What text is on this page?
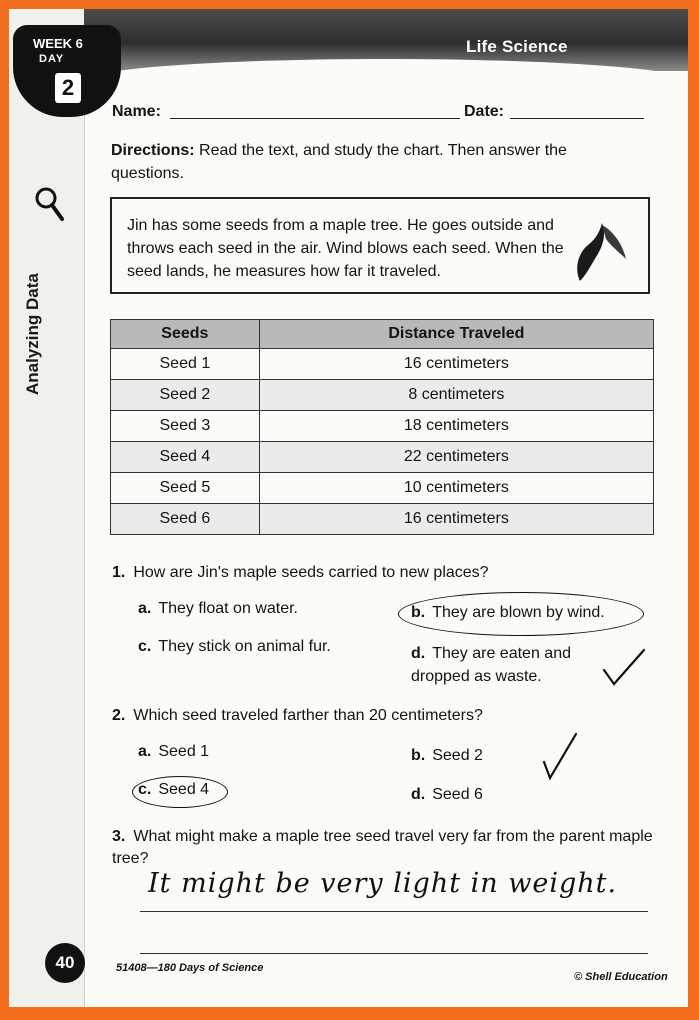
Life Science
WEEK 6
DAY
2
Analyzing Data
Name:	Date:
Directions: Read the text, and study the chart. Then answer the questions.
Jin has some seeds from a maple tree. He goes outside and throws each seed in the air. Wind blows each seed. When the seed lands, he measures how far it traveled.
Seeds	Distance Traveled
Seed 1	16 centimeters
Seed 2	8 centimeters
Seed 3	18 centimeters
Seed 4	22 centimeters
Seed 5	10 centimeters
Seed 6	16 centimeters
1. How are Jin's maple seeds carried to new places?
a. They float on water.	b. They are blown by wind.
c. They stick on animal fur.	d. They are eaten and dropped as waste.
2. Which seed traveled farther than 20 centimeters?
a. Seed 1	b. Seed 2
c. Seed 4	d. Seed 6
3. What might make a maple tree seed travel very far from the parent maple tree?
It might be very light in weight.
40	51408—180 Days of Science
© Shell Education
